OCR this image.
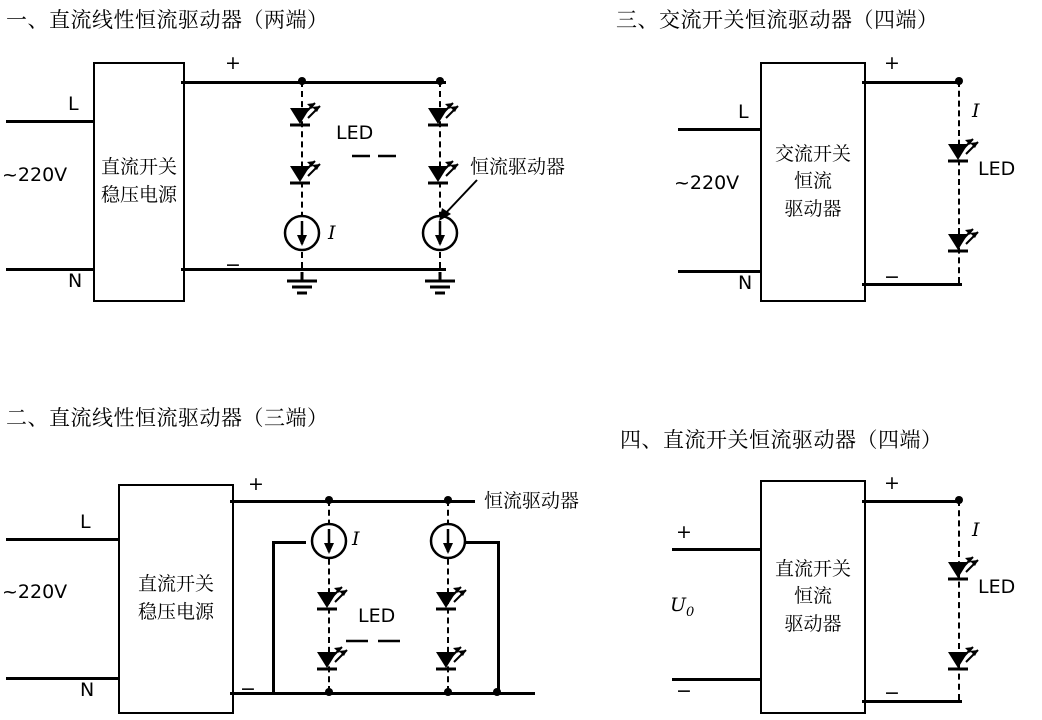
一、直流线性恒流驱动器（两端）
直流开关
稳压电源
L
N
~220V
+
−
I
LED
恒流驱动器
三、交流开关恒流驱动器（四端）
交流开关
恒流
驱动器
L
N
~220V
+
−
I
LED
二、直流线性恒流驱动器（三端）
直流开关
稳压电源
L
N
~220V
+
−
I
恒流驱动器
LED
四、直流开关恒流驱动器（四端）
直流开关
恒流
驱动器
+
−
$U_0$
+
−
I
LED
